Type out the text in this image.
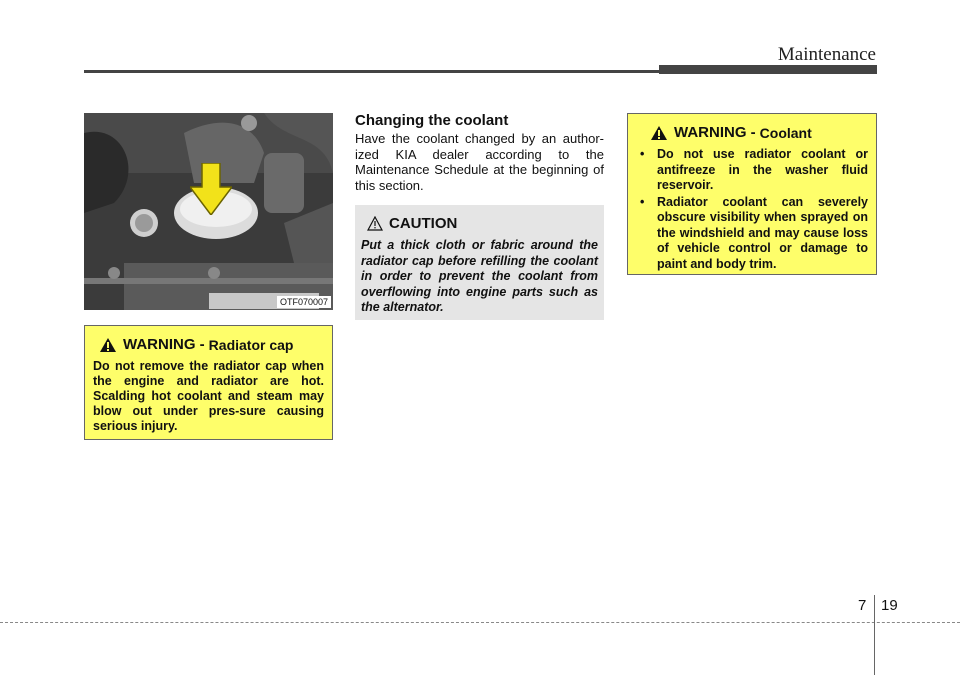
Maintenance
OTF070007
WARNING - Radiator cap

Do not remove the radiator cap when the engine and radiator are hot. Scalding hot coolant and steam may blow out under pres-sure causing serious injury.

Changing the coolant

Have the coolant changed by an author-ized KIA dealer according to the Maintenance Schedule at the beginning of this section.

CAUTION

Put a thick cloth or fabric around the radiator cap before refilling the coolant in order to prevent the coolant from overflowing into engine parts such as the alternator.

WARNING - Coolant
• Do not use radiator coolant or antifreeze in the washer fluid reservoir.
• Radiator coolant can severely obscure visibility when sprayed on the windshield and may cause loss of vehicle control or damage to paint and body trim.
7 19
